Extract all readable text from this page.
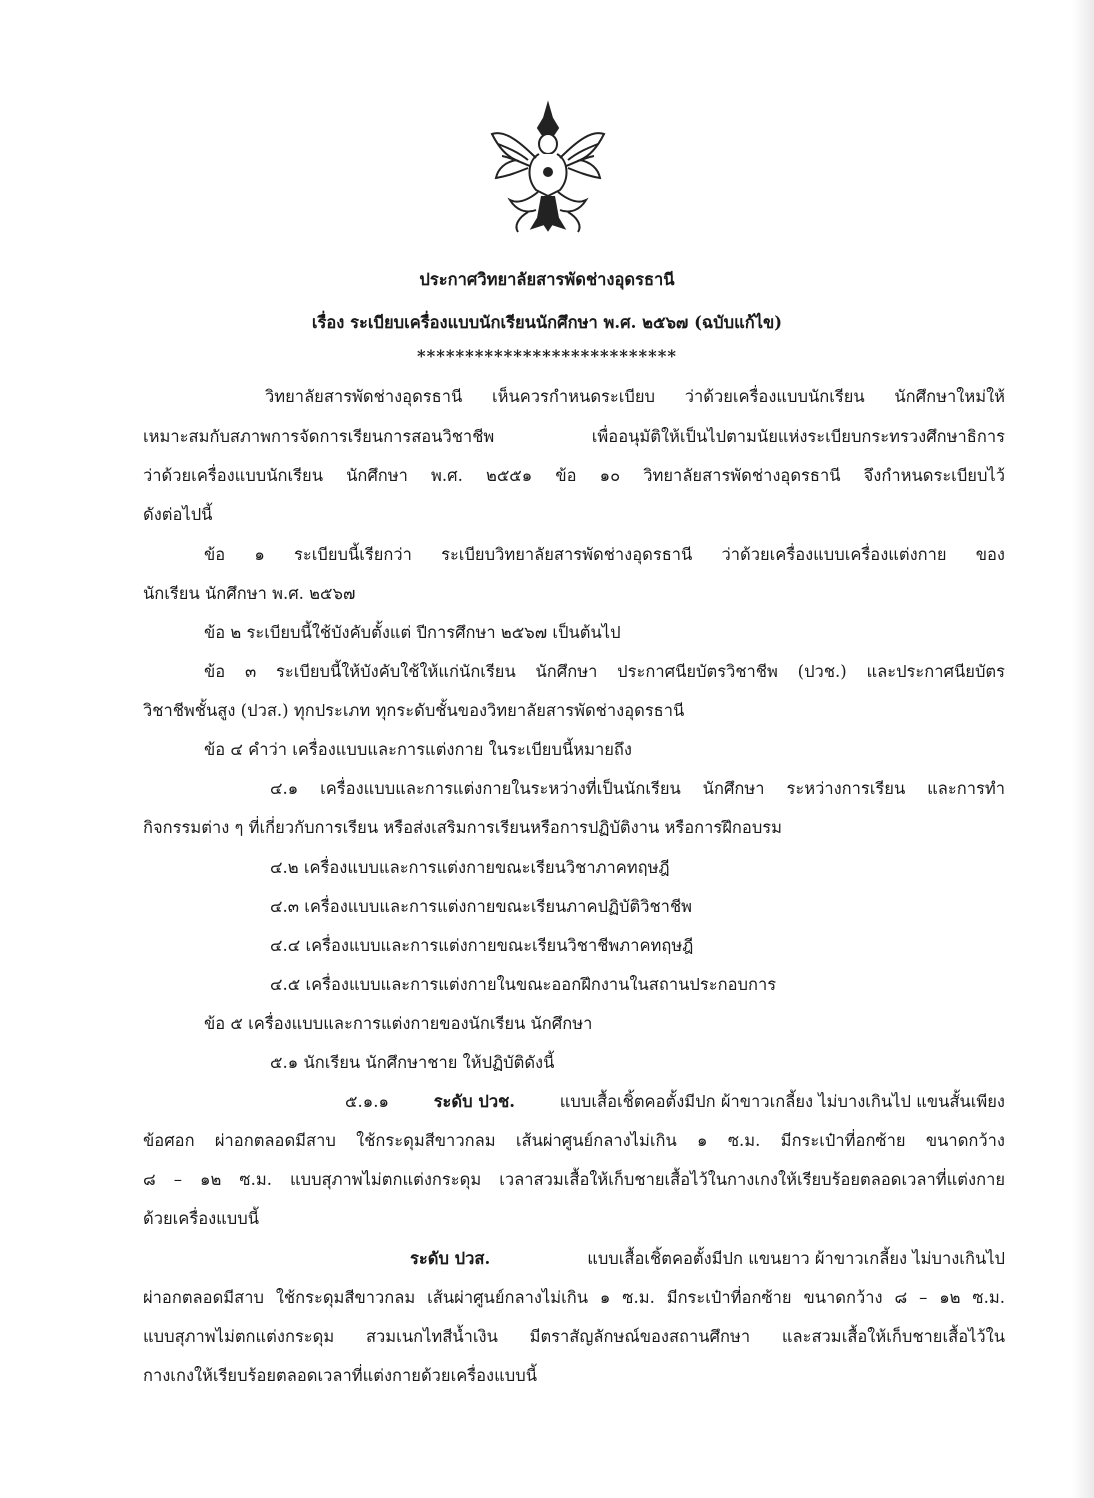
ประกาศวิทยาลัยสารพัดช่างอุดรธานี
เรื่อง ระเบียบเครื่องแบบนักเรียนนักศึกษา พ.ศ. ๒๕๖๗ (ฉบับแก้ไข)
***************************
วิทยาลัยสารพัดช่างอุดรธานี เห็นควรกำหนดระเบียบ ว่าด้วยเครื่องแบบนักเรียน นักศึกษาใหม่ให้
เหมาะสมกับสภาพการจัดการเรียนการสอนวิชาชีพ เพื่ออนุมัติให้เป็นไปตามนัยแห่งระเบียบกระทรวงศึกษาธิการ
ว่าด้วยเครื่องแบบนักเรียน นักศึกษา พ.ศ. ๒๕๕๑ ข้อ ๑๐ วิทยาลัยสารพัดช่างอุดรธานี จึงกำหนดระเบียบไว้
ดังต่อไปนี้
ข้อ ๑ ระเบียบนี้เรียกว่า ระเบียบวิทยาลัยสารพัดช่างอุดรธานี ว่าด้วยเครื่องแบบเครื่องแต่งกาย ของ
นักเรียน นักศึกษา พ.ศ. ๒๕๖๗
ข้อ ๒ ระเบียบนี้ใช้บังคับตั้งแต่ ปีการศึกษา ๒๕๖๗ เป็นต้นไป
ข้อ ๓ ระเบียบนี้ให้บังคับใช้ให้แก่นักเรียน นักศึกษา ประกาศนียบัตรวิชาชีพ (ปวช.) และประกาศนียบัตร
วิชาชีพชั้นสูง (ปวส.) ทุกประเภท ทุกระดับชั้นของวิทยาลัยสารพัดช่างอุดรธานี
ข้อ ๔ คำว่า เครื่องแบบและการแต่งกาย ในระเบียบนี้หมายถึง
๔.๑ เครื่องแบบและการแต่งกายในระหว่างที่เป็นนักเรียน นักศึกษา ระหว่างการเรียน และการทำ
กิจกรรมต่าง ๆ ที่เกี่ยวกับการเรียน หรือส่งเสริมการเรียนหรือการปฏิบัติงาน หรือการฝึกอบรม
๔.๒ เครื่องแบบและการแต่งกายขณะเรียนวิชาภาคทฤษฎี
๔.๓ เครื่องแบบและการแต่งกายขณะเรียนภาคปฏิบัติวิชาชีพ
๔.๔ เครื่องแบบและการแต่งกายขณะเรียนวิชาชีพภาคทฤษฎี
๔.๕ เครื่องแบบและการแต่งกายในขณะออกฝึกงานในสถานประกอบการ
ข้อ ๕ เครื่องแบบและการแต่งกายของนักเรียน นักศึกษา
๕.๑ นักเรียน นักศึกษาชาย ให้ปฏิบัติดังนี้
๕.๑.๑	ระดับ ปวช.	แบบเสื้อเชิ้ตคอตั้งมีปก ผ้าขาวเกลี้ยง ไม่บางเกินไป แขนสั้นเพียง
ข้อศอก ผ่าอกตลอดมีสาบ ใช้กระดุมสีขาวกลม เส้นผ่าศูนย์กลางไม่เกิน ๑ ซ.ม. มีกระเป๋าที่อกซ้าย ขนาดกว้าง
๘ – ๑๒ ซ.ม. แบบสุภาพไม่ตกแต่งกระดุม เวลาสวมเสื้อให้เก็บชายเสื้อไว้ในกางเกงให้เรียบร้อยตลอดเวลาที่แต่งกาย
ด้วยเครื่องแบบนี้
ระดับ ปวส.	แบบเสื้อเชิ้ตคอตั้งมีปก แขนยาว ผ้าขาวเกลี้ยง ไม่บางเกินไป
ผ่าอกตลอดมีสาบ ใช้กระดุมสีขาวกลม เส้นผ่าศูนย์กลางไม่เกิน ๑ ซ.ม. มีกระเป๋าที่อกซ้าย ขนาดกว้าง ๘ – ๑๒ ซ.ม.
แบบสุภาพไม่ตกแต่งกระดุม สวมเนกไทสีน้ำเงิน มีตราสัญลักษณ์ของสถานศึกษา และสวมเสื้อให้เก็บชายเสื้อไว้ใน
กางเกงให้เรียบร้อยตลอดเวลาที่แต่งกายด้วยเครื่องแบบนี้
